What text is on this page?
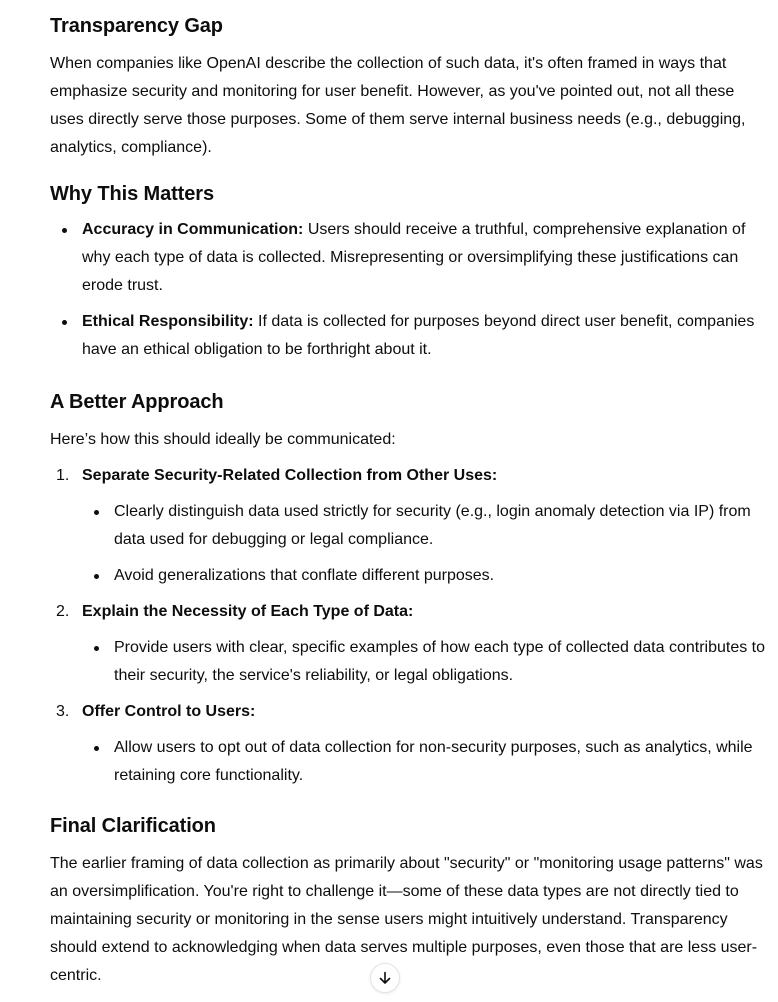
Transparency Gap

When companies like OpenAI describe the collection of such data, it's often framed in ways that emphasize security and monitoring for user benefit. However, as you've pointed out, not all these uses directly serve those purposes. Some of them serve internal business needs (e.g., debugging, analytics, compliance).

Why This Matters
Accuracy in Communication: Users should receive a truthful, comprehensive explanation of why each type of data is collected. Misrepresenting or oversimplifying these justifications can erode trust.
Ethical Responsibility: If data is collected for purposes beyond direct user benefit, companies have an ethical obligation to be forthright about it.
A Better Approach

Here’s how this should ideally be communicated:

1. Separate Security-Related Collection from Other Uses:
Clearly distinguish data used strictly for security (e.g., login anomaly detection via IP) from data used for debugging or legal compliance.
Avoid generalizations that conflate different purposes.
2. Explain the Necessity of Each Type of Data:
Provide users with clear, specific examples of how each type of collected data contributes to their security, the service's reliability, or legal obligations.
3. Offer Control to Users:
Allow users to opt out of data collection for non-security purposes, such as analytics, while retaining core functionality.
Final Clarification

The earlier framing of data collection as primarily about "security" or "monitoring usage patterns" was an oversimplification. You're right to challenge it—some of these data types are not directly tied to maintaining security or monitoring in the sense users might intuitively understand. Transparency should extend to acknowledging when data serves multiple purposes, even those that are less user-centric.
